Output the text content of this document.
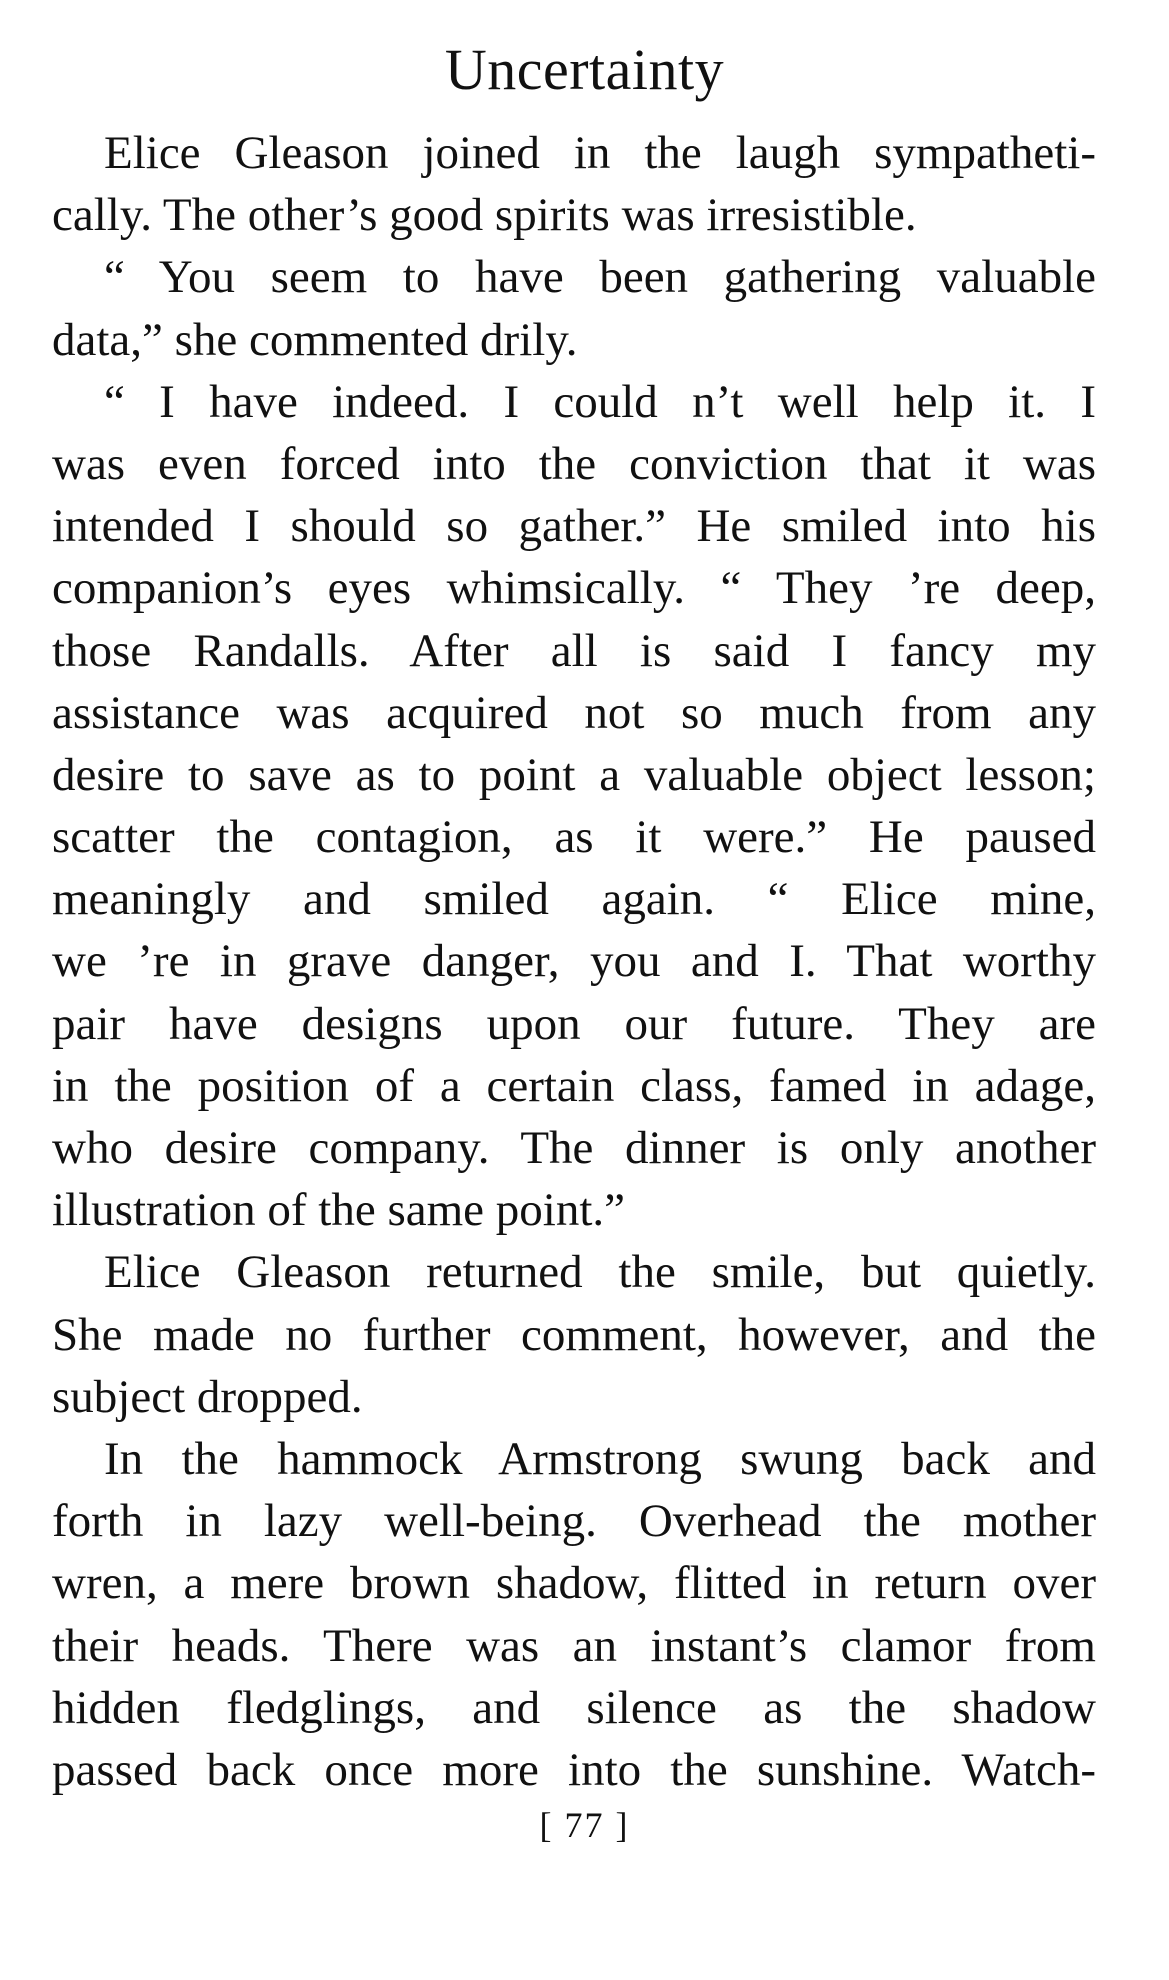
Uncertainty
Elice Gleason joined in the laugh sympatheti-
cally. The other’s good spirits was irresistible.
“ You seem to have been gathering valuable
data,” she commented drily.
“ I have indeed. I could n’t well help it. I
was even forced into the conviction that it was
intended I should so gather.” He smiled into his
companion’s eyes whimsically. “ They ’re deep,
those Randalls. After all is said I fancy my
assistance was acquired not so much from any
desire to save as to point a valuable object lesson;
scatter the contagion, as it were.” He paused
meaningly and smiled again. “ Elice mine,
we ’re in grave danger, you and I. That worthy
pair have designs upon our future. They are
in the position of a certain class, famed in adage,
who desire company. The dinner is only another
illustration of the same point.”
Elice Gleason returned the smile, but quietly.
She made no further comment, however, and the
subject dropped.
In the hammock Armstrong swung back and
forth in lazy well-being. Overhead the mother
wren, a mere brown shadow, flitted in return over
their heads. There was an instant’s clamor from
hidden fledglings, and silence as the shadow
passed back once more into the sunshine. Watch-
[ 77 ]
